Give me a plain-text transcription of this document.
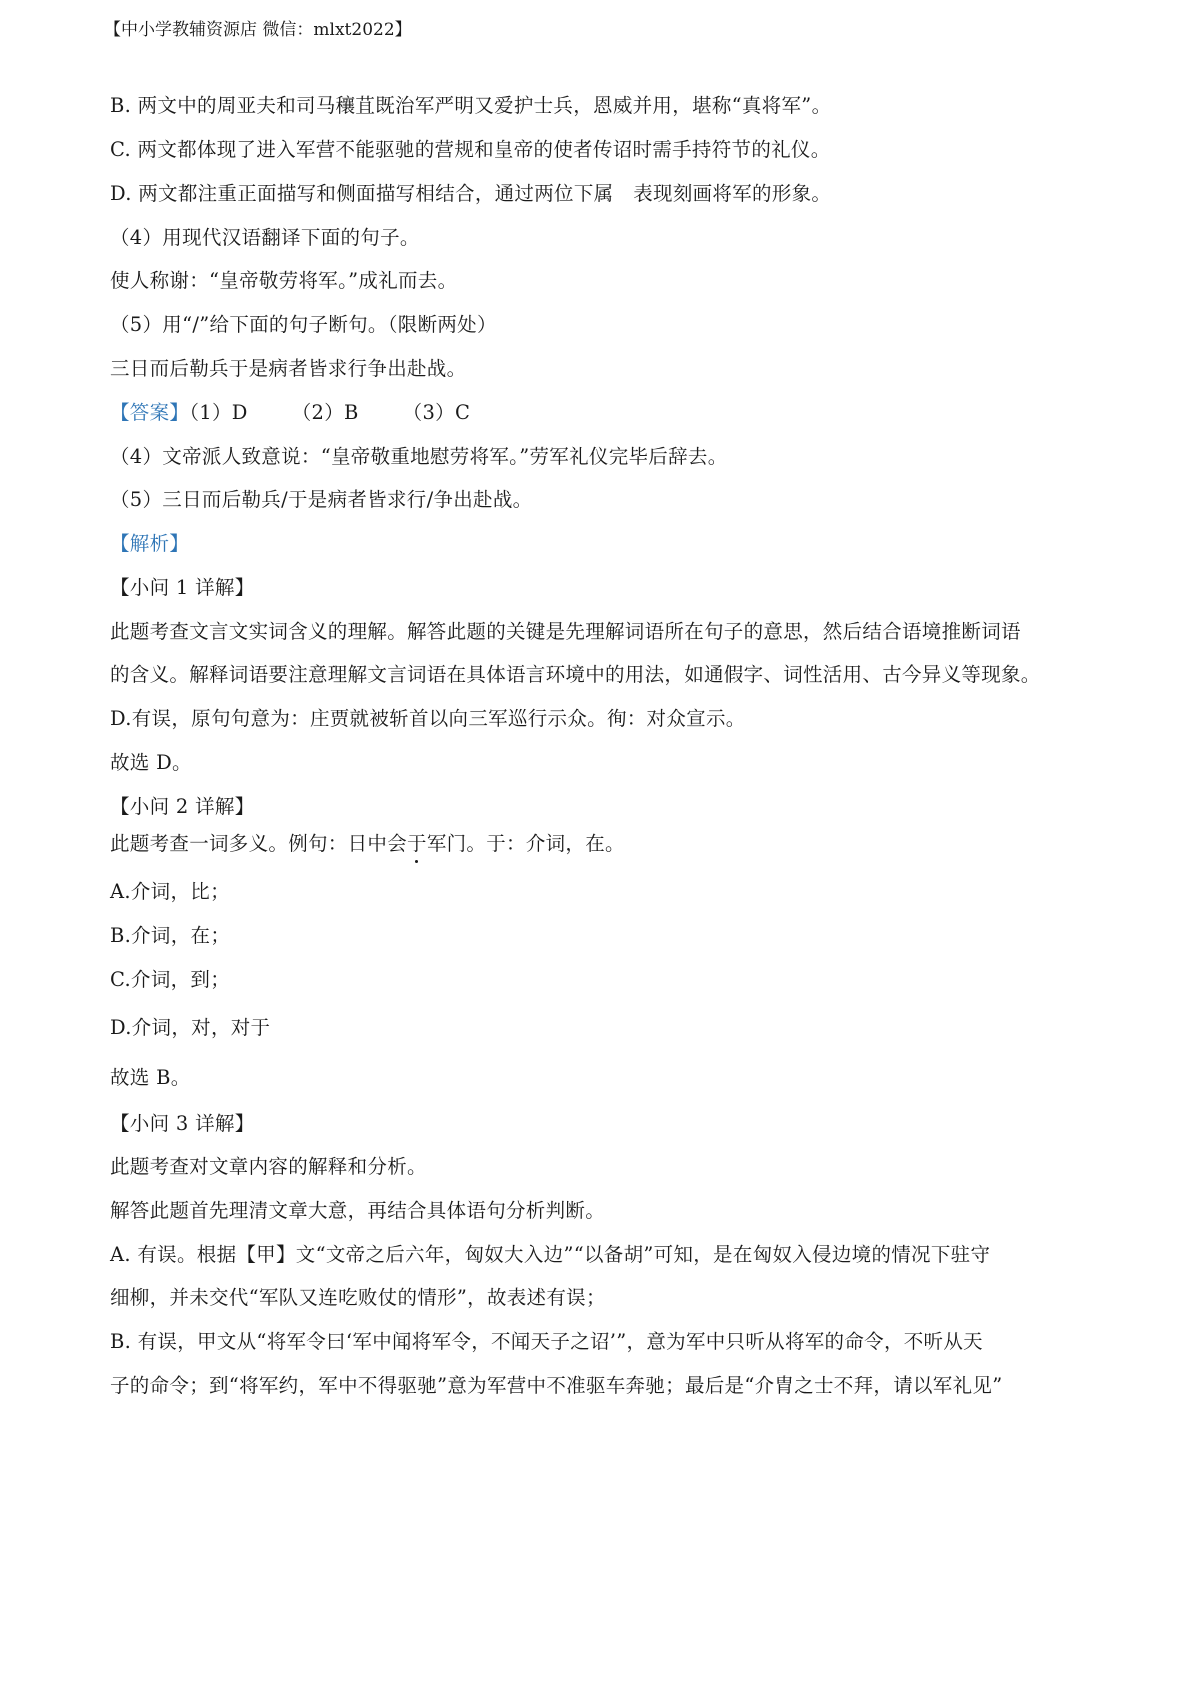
【中小学教辅资源店 微信：mlxt2022】
B. 两文中的周亚夫和司马穰苴既治军严明又爱护士兵，恩威并用，堪称“真将军”。
C. 两文都体现了进入军营不能驱驰的营规和皇帝的使者传诏时需手持符节的礼仪。
D. 两文都注重正面描写和侧面描写相结合，通过两位下属　表现刻画将军的形象。
（4）用现代汉语翻译下面的句子。
使人称谢：“皇帝敬劳将军。”成礼而去。
（5）用“/”给下面的句子断句。（限断两处）
三日而后勒兵于是病者皆求行争出赴战。
【答案】（1）D （2）B （3）C
（4）文帝派人致意说：“皇帝敬重地慰劳将军。”劳军礼仪完毕后辞去。
（5）三日而后勒兵/于是病者皆求行/争出赴战。
【解析】
【小问 1 详解】
此题考查文言文实词含义的理解。解答此题的关键是先理解词语所在句子的意思，然后结合语境推断词语
的含义。解释词语要注意理解文言词语在具体语言环境中的用法，如通假字、词性活用、古今异义等现象。
D.有误，原句句意为：庄贾就被斩首以向三军巡行示众。徇：对众宣示。
故选 D。
【小问 2 详解】
此题考查一词多义。例句：日中会于军门。于：介词，在。
A.介词，比；
B.介词，在；
C.介词，到；
D.介词，对，对于
故选 B。
【小问 3 详解】
此题考查对文章内容的解释和分析。
解答此题首先理清文章大意，再结合具体语句分析判断。
A. 有误。根据【甲】文“文帝之后六年，匈奴大入边”“以备胡”可知，是在匈奴入侵边境的情况下驻守
细柳，并未交代“军队又连吃败仗的情形”，故表述有误；
B. 有误，甲文从“将军令曰‘军中闻将军令，不闻天子之诏’”，意为军中只听从将军的命令，不听从天
子的命令；到“将军约，军中不得驱驰”意为军营中不准驱车奔驰；最后是“介胄之士不拜，请以军礼见”
